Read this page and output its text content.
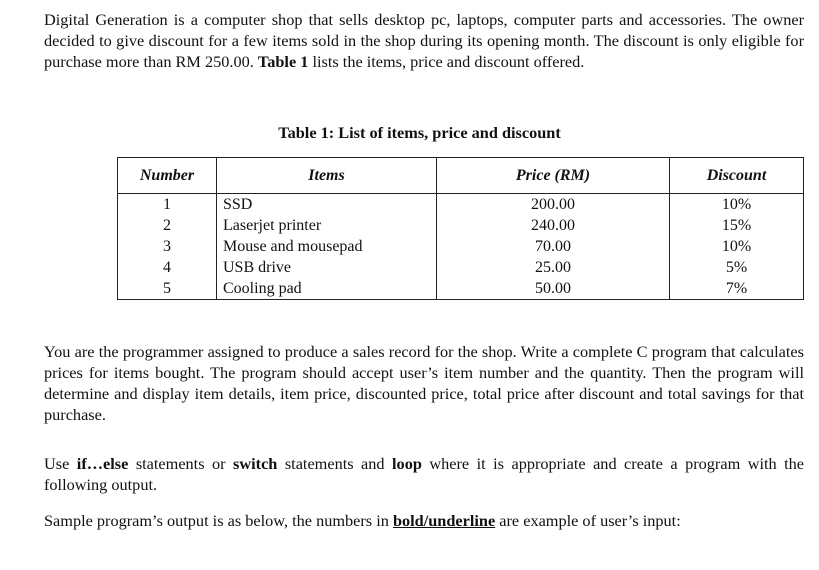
Digital Generation is a computer shop that sells desktop pc, laptops, computer parts and accessories. The owner decided to give discount for a few items sold in the shop during its opening month. The discount is only eligible for purchase more than RM 250.00. Table 1 lists the items, price and discount offered.

Table 1: List of items, price and discount
Number	Items	Price (RM)	Discount
1	SSD	200.00	10%
2	Laserjet printer	240.00	15%
3	Mouse and mousepad	70.00	10%
4	USB drive	25.00	5%
5	Cooling pad	50.00	7%

You are the programmer assigned to produce a sales record for the shop. Write a complete C program that calculates prices for items bought. The program should accept user’s item number and the quantity. Then the program will determine and display item details, item price, discounted price, total price after discount and total savings for that purchase.

Use if…else statements or switch statements and loop where it is appropriate and create a program with the following output.

Sample program’s output is as below, the numbers in bold/underline are example of user’s input:
